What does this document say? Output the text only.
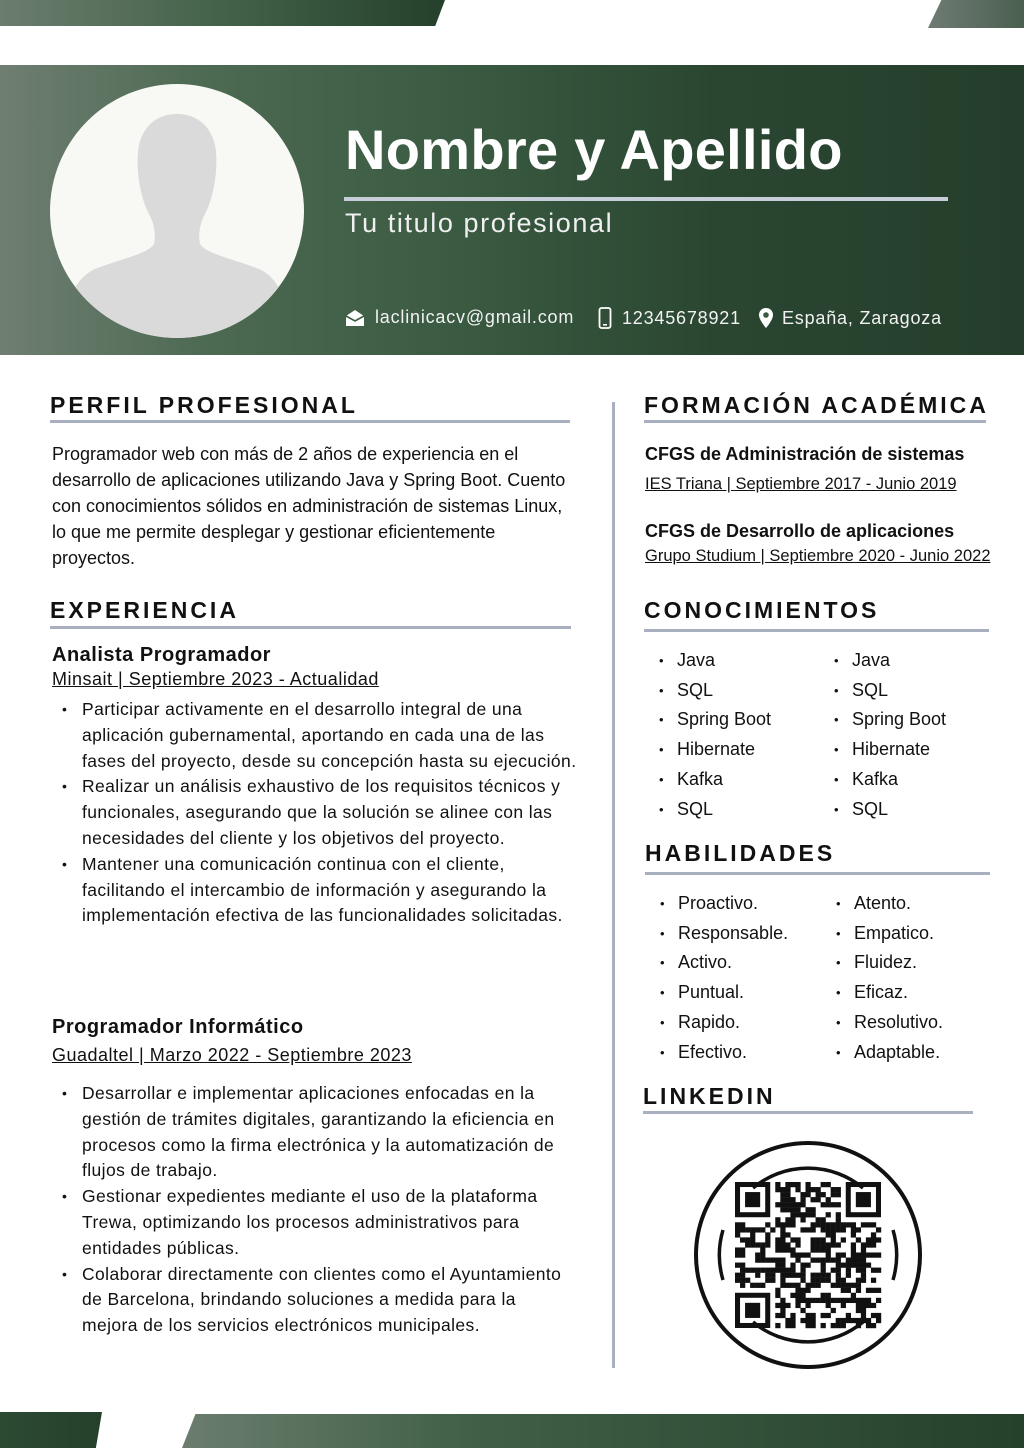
Nombre y Apellido
Tu titulo profesional
laclinicacv@gmail.com	12345678921 España, Zaragoza
PERFIL PROFESIONAL
Programador web con más de 2 años de experiencia en el desarrollo de aplicaciones utilizando Java y Spring Boot. Cuento con conocimientos sólidos en administración de sistemas Linux, lo que me permite desplegar y gestionar eficientemente proyectos.
EXPERIENCIA
Analista Programador
Minsait | Septiembre 2023 - Actualidad
• Participar activamente en el desarrollo integral de una aplicación gubernamental, aportando en cada una de las fases del proyecto, desde su concepción hasta su ejecución.
• Realizar un análisis exhaustivo de los requisitos técnicos y funcionales, asegurando que la solución se alinee con las necesidades del cliente y los objetivos del proyecto.
• Mantener una comunicación continua con el cliente, facilitando el intercambio de información y asegurando la implementación efectiva de las funcionalidades solicitadas.
Programador Informático
Guadaltel | Marzo 2022 - Septiembre 2023
• Desarrollar e implementar aplicaciones enfocadas en la gestión de trámites digitales, garantizando la eficiencia en procesos como la firma electrónica y la automatización de flujos de trabajo.
• Gestionar expedientes mediante el uso de la plataforma Trewa, optimizando los procesos administrativos para entidades públicas.
• Colaborar directamente con clientes como el Ayuntamiento de Barcelona, brindando soluciones a medida para la mejora de los servicios electrónicos municipales.
FORMACIÓN ACADÉMICA
CFGS de Administración de sistemas
IES Triana | Septiembre 2017 - Junio 2019
CFGS de Desarrollo de aplicaciones
Grupo Studium | Septiembre 2020 - Junio 2022
CONOCIMIENTOS
• Java
• SQL
• Spring Boot
• Hibernate
• Kafka
• SQL
• Java
• SQL
• Spring Boot
• Hibernate
• Kafka
• SQL
HABILIDADES
• Proactivo.
• Responsable.
• Activo.
• Puntual.
• Rapido.
• Efectivo.
• Atento.
• Empatico.
• Fluidez.
• Eficaz.
• Resolutivo.
• Adaptable.
LINKEDIN
